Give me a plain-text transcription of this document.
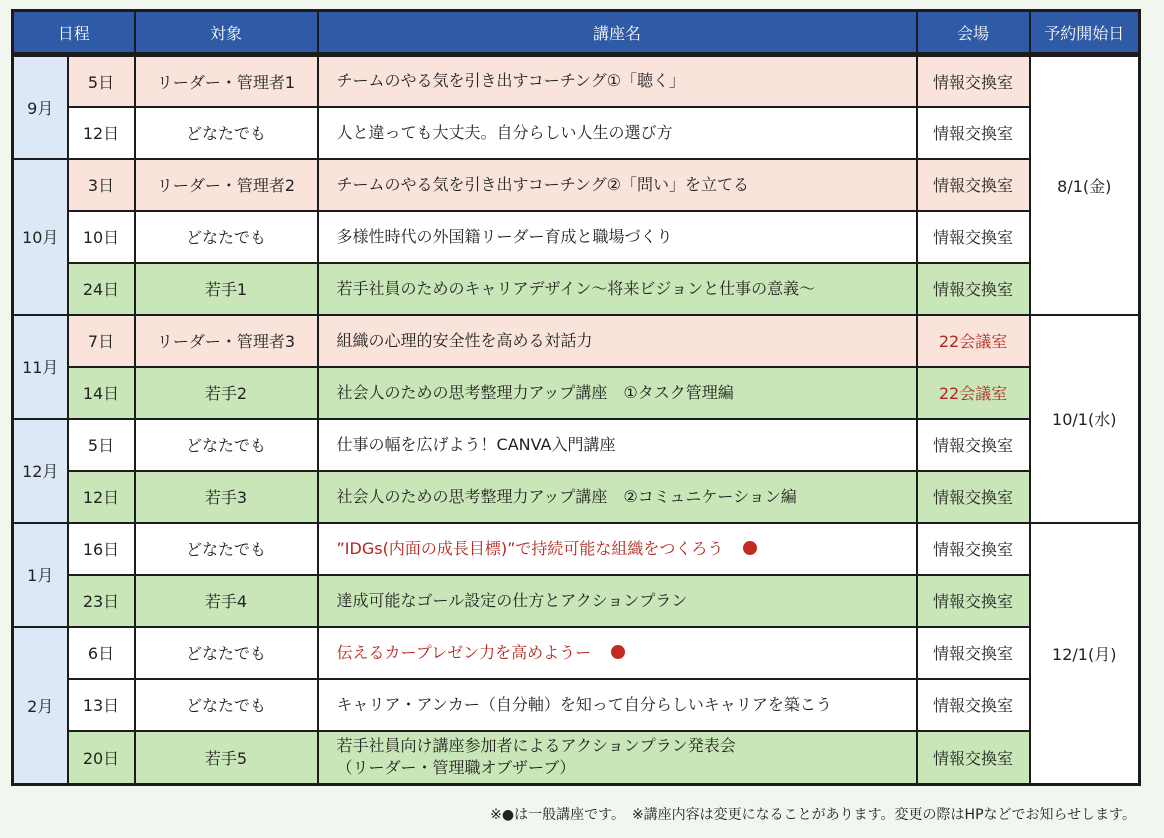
日程		対象	講座名	会場	予約開始日
9月	5日	リーダー・管理者1	チームのやる気を引き出すコーチング①「聴く」	情報交換室	8/1(金)
	12日	どなたでも	人と違っても大丈夫。自分らしい人生の選び方	情報交換室	
10月	3日	リーダー・管理者2	チームのやる気を引き出すコーチング②「問い」を立てる	情報交換室	
	10日	どなたでも	多様性時代の外国籍リーダー育成と職場づくり	情報交換室	
	24日	若手1	若手社員のためのキャリアデザイン～将来ビジョンと仕事の意義～	情報交換室	
11月	7日	リーダー・管理者3	組織の心理的安全性を高める対話力	22会議室	10/1(水)
	14日	若手2	社会人のための思考整理力アップ講座　①タスク管理編	22会議室	
12月	5日	どなたでも	仕事の幅を広げよう！CANVA入門講座	情報交換室	
	12日	若手3	社会人のための思考整理力アップ講座　②コミュニケーション編	情報交換室	
1月	16日	どなたでも	”IDGs(内面の成長目標)”で持続可能な組織をつくろう	情報交換室	12/1(月)
	23日	若手4	達成可能なゴール設定の仕方とアクションプラン	情報交換室	
2月	6日	どなたでも	伝えるカープレゼン力を高めようー	情報交換室	
	13日	どなたでも	キャリア・アンカー（自分軸）を知って自分らしいキャリアを築こう	情報交換室	
	20日	若手5	若手社員向け講座参加者によるアクションプラン発表会
（リーダー・管理職オブザーブ）	情報交換室	
※●は一般講座です。　※講座内容は変更になることがあります。変更の際はHPなどでお知らせします。
